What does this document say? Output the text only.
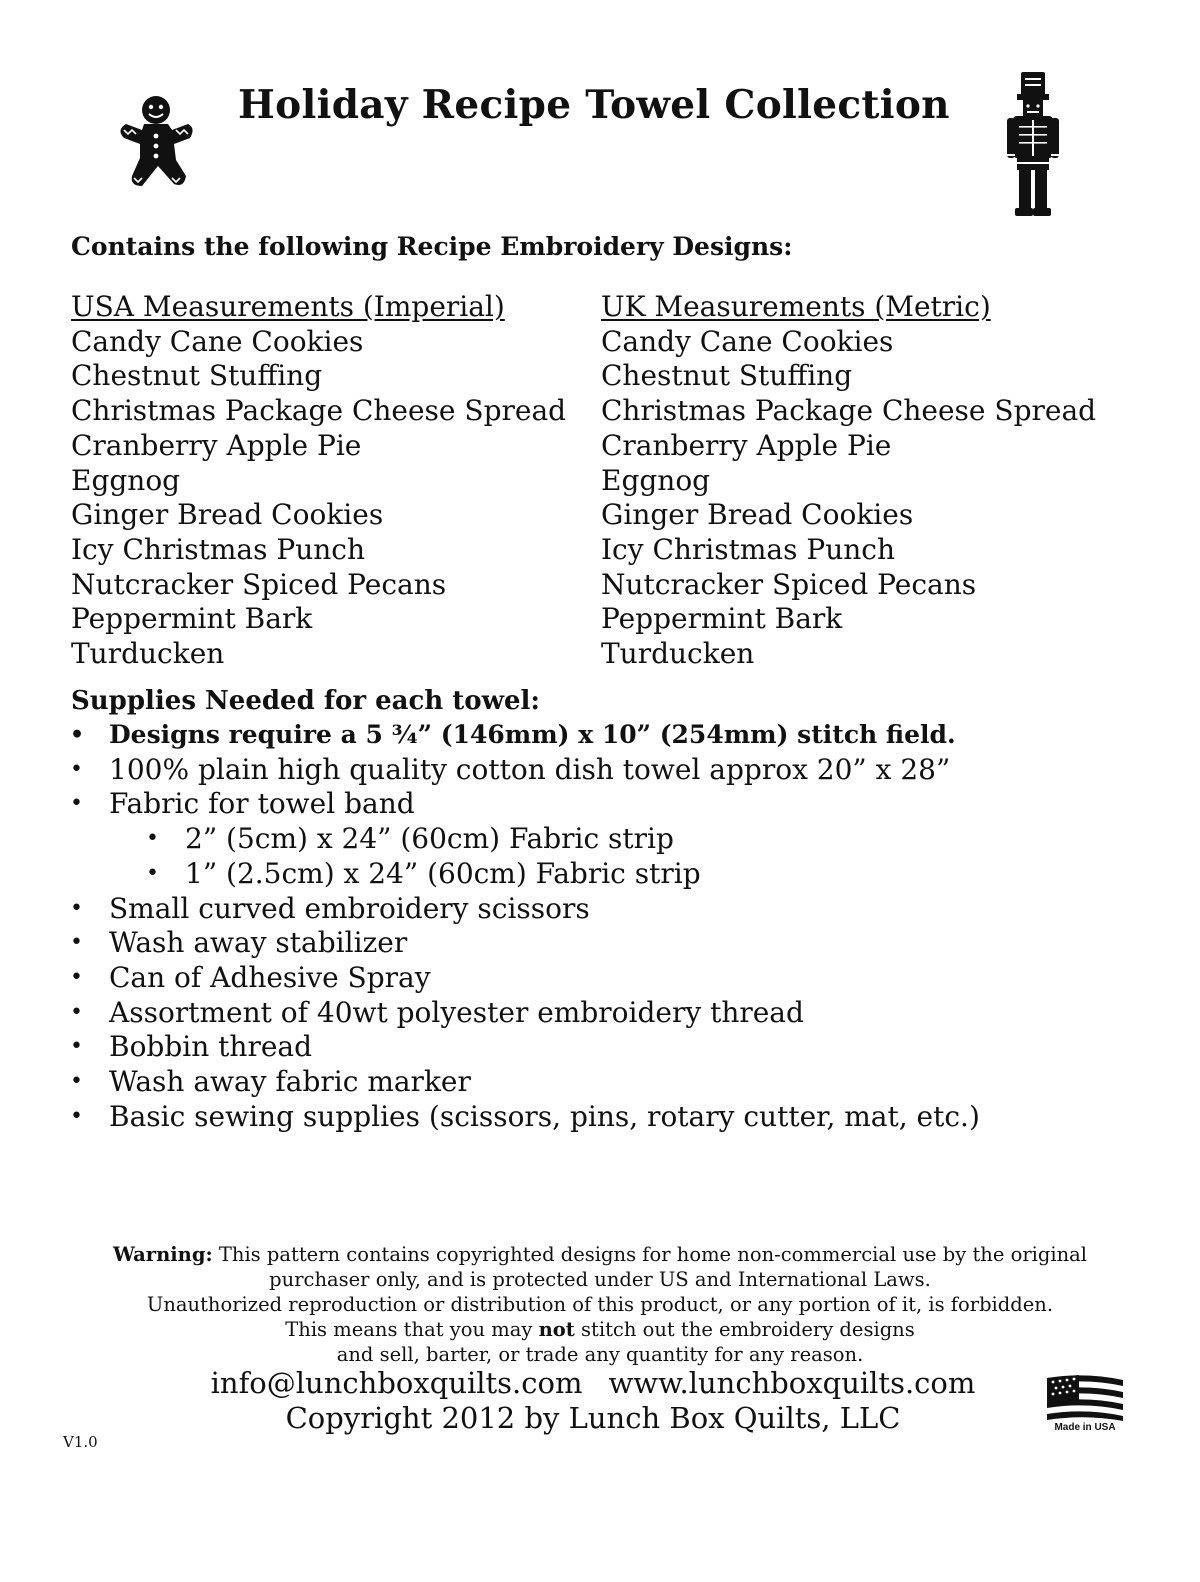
Holiday Recipe Towel Collection
Contains the following Recipe Embroidery Designs:
USA Measurements (Imperial)
Candy Cane Cookies
Chestnut Stuffing
Christmas Package Cheese Spread
Cranberry Apple Pie
Eggnog
Ginger Bread Cookies
Icy Christmas Punch
Nutcracker Spiced Pecans
Peppermint Bark
Turducken
UK Measurements (Metric)
Candy Cane Cookies
Chestnut Stuffing
Christmas Package Cheese Spread
Cranberry Apple Pie
Eggnog
Ginger Bread Cookies
Icy Christmas Punch
Nutcracker Spiced Pecans
Peppermint Bark
Turducken
Supplies Needed for each towel:
• Designs require a 5 ¾” (146mm) x 10” (254mm) stitch field.
• 100% plain high quality cotton dish towel approx 20” x 28”
• Fabric for towel band
• 2” (5cm) x 24” (60cm) Fabric strip
• 1” (2.5cm) x 24” (60cm) Fabric strip
• Small curved embroidery scissors
• Wash away stabilizer
• Can of Adhesive Spray
• Assortment of 40wt polyester embroidery thread
• Bobbin thread
• Wash away fabric marker
• Basic sewing supplies (scissors, pins, rotary cutter, mat, etc.)
Warning: This pattern contains copyrighted designs for home non-commercial use by the original
purchaser only, and is protected under US and International Laws.
Unauthorized reproduction or distribution of this product, or any portion of it, is forbidden.
This means that you may not stitch out the embroidery designs
and sell, barter, or trade any quantity for any reason.
info@lunchboxquilts.com www.lunchboxquilts.com
Copyright 2012 by Lunch Box Quilts, LLC
V1.0
Made in USA
